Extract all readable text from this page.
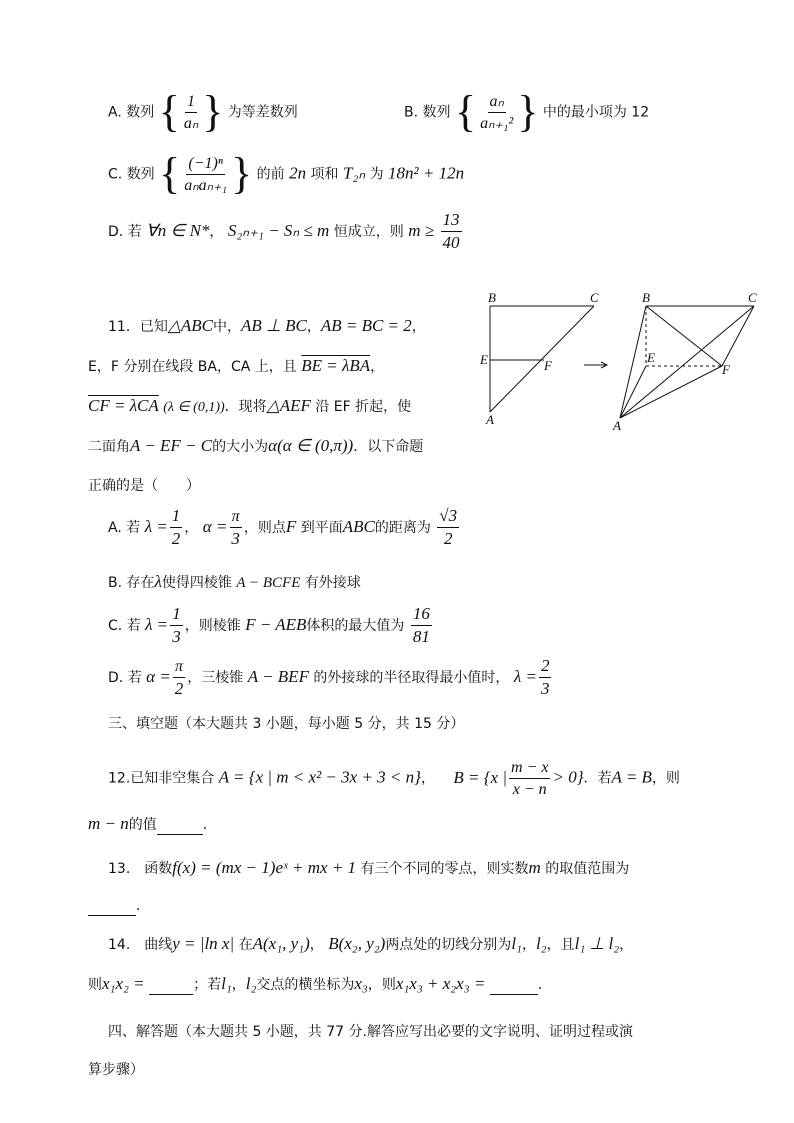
A. 数列 { $\frac{1}{\text{aₙ}}$ } 为等差数列	B. 数列 { $\frac{\text{aₙ}}{\text{aₙ₊₁²}}$ } 中的最小项为 12
C. 数列 { $\frac{\text{(−1)ⁿ}}{\text{aₙaₙ₊₁}}$ } 的前 2n 项和 T₂ₙ 为 18n² + 12n
D. 若 ∀n ∈ N*， S₂ₙ₊₁ − Sₙ ≤ m 恒成立，则 $m \ge \frac{13}{40}$
11．已知△ABC中，AB ⊥ BC，AB = BC = 2，
E，F 分别在线段 BA，CA 上，且 BE = λBA，
CF = λCA (λ ∈ (0,1))．现将△AEF 沿 EF 折起，使
二面角A − EF − C的大小为α(α ∈ (0,π))．以下命题
正确的是（　　）
B	C
E	F
A
B	C
E
F
A
A. 若 $\lambda = \frac{1}{2}$ ， $\alpha = \frac{\pi}{3}$ ，则点F 到平面ABC的距离为 $\frac{√3}{2}$
B. 存在λ使得四棱锥 A − BCFE 有外接球
C. 若 $\lambda = \frac{1}{3}$ ，则棱锥 F − AEB体积的最大值为 $\frac{16}{81}$
D. 若 $\alpha = \frac{\pi}{2}$ ，三棱锥 A − BEF 的外接球的半径取得最小值时， $\lambda = \frac{2}{3}$
三、填空题（本大题共 3 小题，每小题 5 分，共 15 分）
12.已知非空集合 A = {x | m < x² − 3x + 3 < n}， B = {x | $\frac{m - x}{x - n} > 0$}．若A = B，则
m − n的值	．
13.　函数f(x) = (mx − 1)eˣ + mx + 1 有三个不同的零点，则实数m 的取值范围为
．
14.　曲线y = |ln x| 在A(x₁, y₁)， B(x₂, y₂)两点处的切线分别为l₁，l₂，且l₁ ⊥ l₂，
则x₁x₂ =	；若l₁，l₂交点的横坐标为x₃，则x₁x₃ + x₂x₃ =	．
四、解答题（本大题共 5 小题，共 77 分.解答应写出必要的文字说明、证明过程或演
算步骤）
